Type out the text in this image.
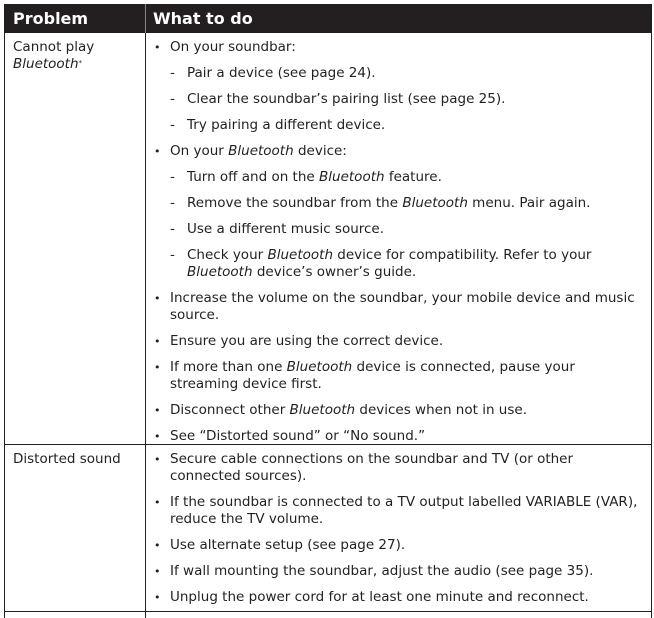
Problem	What to do
Cannot play
Bluetooth*
• On your soundbar:
- Pair a device (see page 24).
- Clear the soundbar’s pairing list (see page 25).
- Try pairing a different device.
• On your Bluetooth device:
- Turn off and on the Bluetooth feature.
- Remove the soundbar from the Bluetooth menu. Pair again.
- Use a different music source.
- Check your Bluetooth device for compatibility. Refer to your Bluetooth device’s owner’s guide.
• Increase the volume on the soundbar, your mobile device and music source.
• Ensure you are using the correct device.
• If more than one Bluetooth device is connected, pause your streaming device first.
• Disconnect other Bluetooth devices when not in use.
• See “Distorted sound” or “No sound.”
Distorted sound	• Secure cable connections on the soundbar and TV (or other connected sources).
• If the soundbar is connected to a TV output labelled VARIABLE (VAR), reduce the TV volume.
• Use alternate setup (see page 27).
• If wall mounting the soundbar, adjust the audio (see page 35).
• Unplug the power cord for at least one minute and reconnect.
